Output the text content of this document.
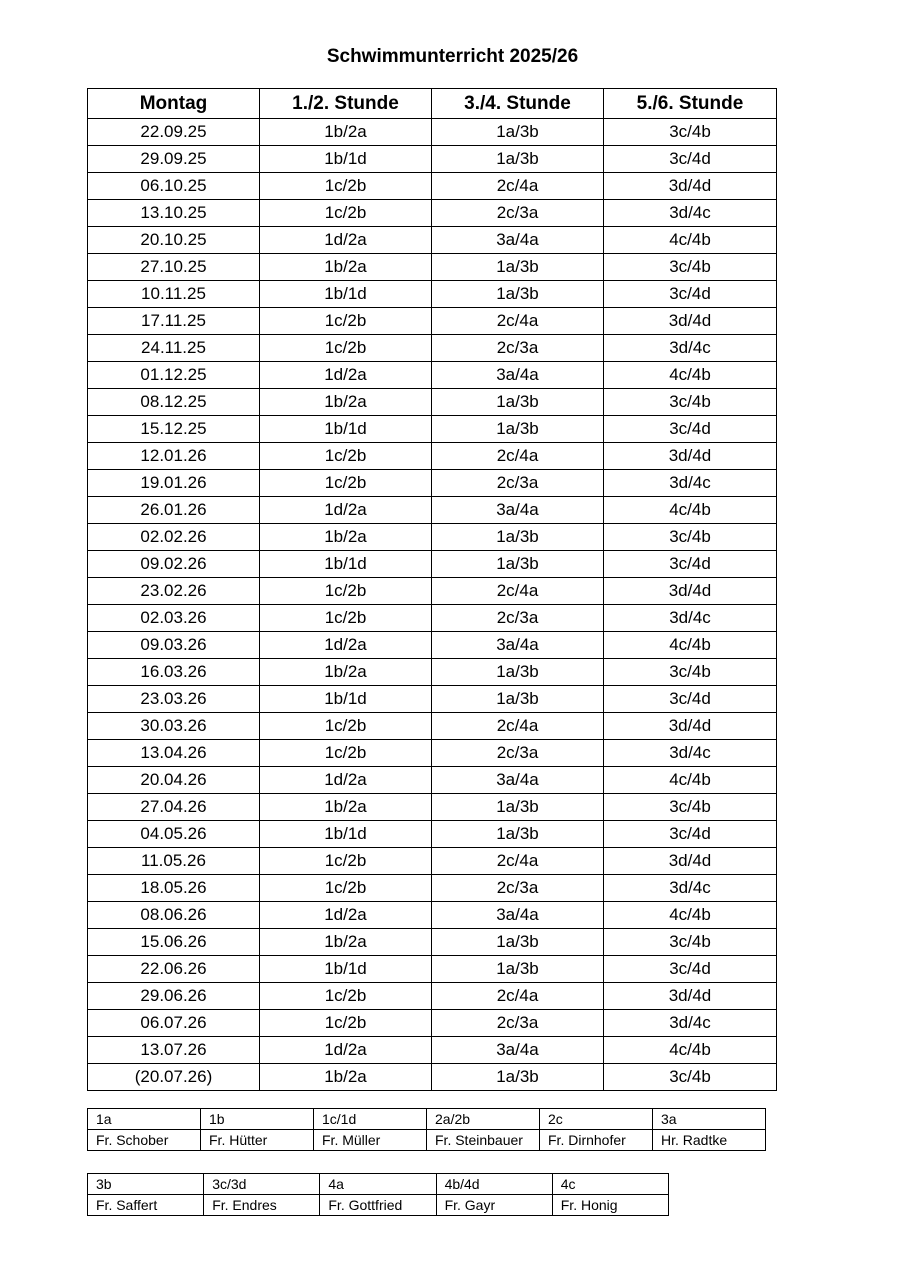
Schwimmunterricht 2025/26
Montag	1./2. Stunde	3./4. Stunde	5./6. Stunde
22.09.25	1b/2a	1a/3b	3c/4b
29.09.25	1b/1d	1a/3b	3c/4d
06.10.25	1c/2b	2c/4a	3d/4d
13.10.25	1c/2b	2c/3a	3d/4c
20.10.25	1d/2a	3a/4a	4c/4b
27.10.25	1b/2a	1a/3b	3c/4b
10.11.25	1b/1d	1a/3b	3c/4d
17.11.25	1c/2b	2c/4a	3d/4d
24.11.25	1c/2b	2c/3a	3d/4c
01.12.25	1d/2a	3a/4a	4c/4b
08.12.25	1b/2a	1a/3b	3c/4b
15.12.25	1b/1d	1a/3b	3c/4d
12.01.26	1c/2b	2c/4a	3d/4d
19.01.26	1c/2b	2c/3a	3d/4c
26.01.26	1d/2a	3a/4a	4c/4b
02.02.26	1b/2a	1a/3b	3c/4b
09.02.26	1b/1d	1a/3b	3c/4d
23.02.26	1c/2b	2c/4a	3d/4d
02.03.26	1c/2b	2c/3a	3d/4c
09.03.26	1d/2a	3a/4a	4c/4b
16.03.26	1b/2a	1a/3b	3c/4b
23.03.26	1b/1d	1a/3b	3c/4d
30.03.26	1c/2b	2c/4a	3d/4d
13.04.26	1c/2b	2c/3a	3d/4c
20.04.26	1d/2a	3a/4a	4c/4b
27.04.26	1b/2a	1a/3b	3c/4b
04.05.26	1b/1d	1a/3b	3c/4d
11.05.26	1c/2b	2c/4a	3d/4d
18.05.26	1c/2b	2c/3a	3d/4c
08.06.26	1d/2a	3a/4a	4c/4b
15.06.26	1b/2a	1a/3b	3c/4b
22.06.26	1b/1d	1a/3b	3c/4d
29.06.26	1c/2b	2c/4a	3d/4d
06.07.26	1c/2b	2c/3a	3d/4c
13.07.26	1d/2a	3a/4a	4c/4b
(20.07.26)	1b/2a	1a/3b	3c/4b
1a	1b	1c/1d	2a/2b	2c	3a
Fr. Schober	Fr. Hütter	Fr. Müller	Fr. Steinbauer	Fr. Dirnhofer	Hr. Radtke
3b	3c/3d	4a	4b/4d	4c
Fr. Saffert	Fr. Endres	Fr. Gottfried	Fr. Gayr	Fr. Honig
